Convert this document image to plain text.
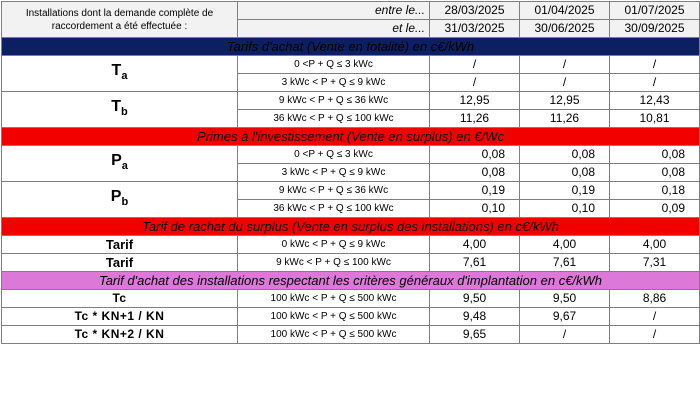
Installations dont la demande complète de raccordement a été effectuée :	entre le...	28/03/2025	01/04/2025	01/07/2025
	et le...	31/03/2025	30/06/2025	30/09/2025
Tarifs d'achat (Vente en totalité) en c€/kWh				
$T_a$	0 <P + Q ≤ 3 kWc	/	/	/
	3 kWc < P + Q ≤ 9 kWc	/	/	/
$T_b$	9 kWc < P + Q ≤ 36 kWc	12,95	12,95	12,43
	36 kWc < P + Q ≤ 100 kWc	11,26	11,26	10,81
Primes à l'investissement (Vente en surplus) en €/Wc				
$P_a$	0 <P + Q ≤ 3 kWc	0,08	0,08	0,08
	3 kWc < P + Q ≤ 9 kWc	0,08	0,08	0,08
$P_b$	9 kWc < P + Q ≤ 36 kWc	0,19	0,19	0,18
	36 kWc < P + Q ≤ 100 kWc	0,10	0,10	0,09
Tarif de rachat du surplus (Vente en surplus des installations) en c€/kWh				
Tarif	0 kWc < P + Q ≤ 9 kWc	4,00	4,00	4,00
Tarif	9 kWc < P + Q ≤ 100 kWc	7,61	7,61	7,31
Tarif d'achat des installations respectant les critères généraux d'implantation en c€/kWh				
Tc	100 kWc < P + Q ≤ 500 kWc	9,50	9,50	8,86
Tc * KN+1 / KN	100 kWc < P + Q ≤ 500 kWc	9,48	9,67	/
Tc * KN+2 / KN	100 kWc < P + Q ≤ 500 kWc	9,65	/	/
